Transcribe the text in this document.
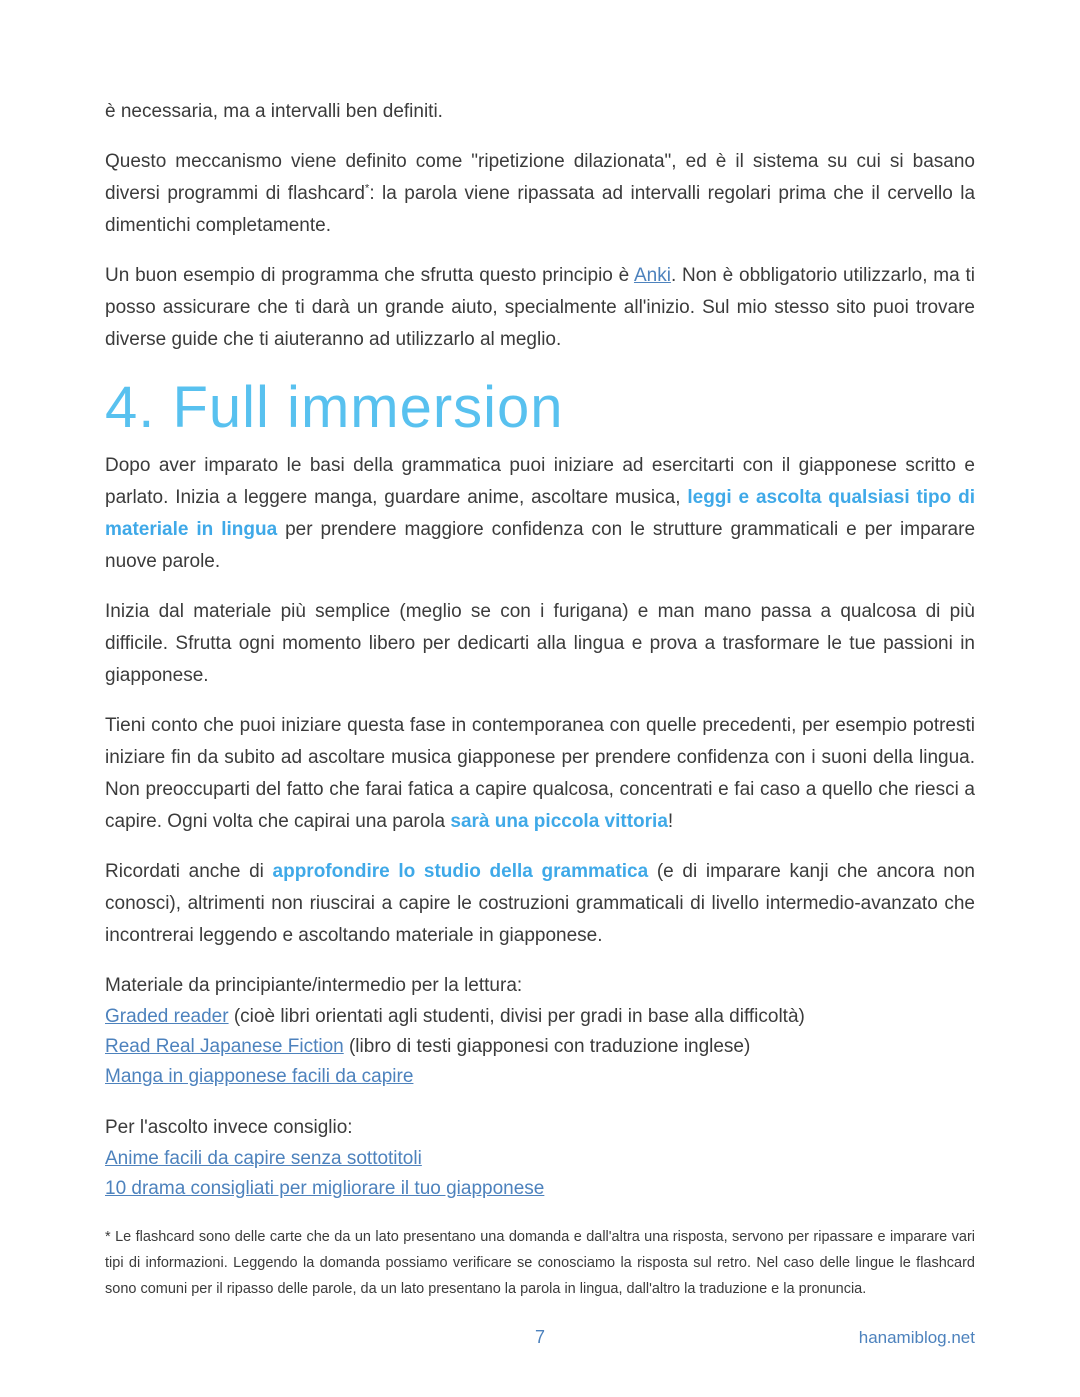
è necessaria, ma a intervalli ben definiti.

Questo meccanismo viene definito come "ripetizione dilazionata", ed è il sistema su cui si basano diversi programmi di flashcard*: la parola viene ripassata ad intervalli regolari prima che il cervello la dimentichi completamente.

Un buon esempio di programma che sfrutta questo principio è Anki. Non è obbligatorio utilizzarlo, ma ti posso assicurare che ti darà un grande aiuto, specialmente all'inizio. Sul mio stesso sito puoi trovare diverse guide che ti aiuteranno ad utilizzarlo al meglio.

4. Full immersion

Dopo aver imparato le basi della grammatica puoi iniziare ad esercitarti con il giapponese scritto e parlato. Inizia a leggere manga, guardare anime, ascoltare musica, leggi e ascolta qualsiasi tipo di materiale in lingua per prendere maggiore confidenza con le strutture grammaticali e per imparare nuove parole.

Inizia dal materiale più semplice (meglio se con i furigana) e man mano passa a qualcosa di più difficile. Sfrutta ogni momento libero per dedicarti alla lingua e prova a trasformare le tue passioni in giapponese.

Tieni conto che puoi iniziare questa fase in contemporanea con quelle precedenti, per esempio potresti iniziare fin da subito ad ascoltare musica giapponese per prendere confidenza con i suoni della lingua. Non preoccuparti del fatto che farai fatica a capire qualcosa, concentrati e fai caso a quello che riesci a capire. Ogni volta che capirai una parola sarà una piccola vittoria!

Ricordati anche di approfondire lo studio della grammatica (e di imparare kanji che ancora non conosci), altrimenti non riuscirai a capire le costruzioni grammaticali di livello intermedio-avanzato che incontrerai leggendo e ascoltando materiale in giapponese.

Materiale da principiante/intermedio per la lettura:

Graded reader (cioè libri orientati agli studenti, divisi per gradi in base alla difficoltà)

Read Real Japanese Fiction (libro di testi giapponesi con traduzione inglese)

Manga in giapponese facili da capire

Per l'ascolto invece consiglio:

Anime facili da capire senza sottotitoli

10 drama consigliati per migliorare il tuo giapponese

* Le flashcard sono delle carte che da un lato presentano una domanda e dall'altra una risposta, servono per ripassare e imparare vari tipi di informazioni. Leggendo la domanda possiamo verificare se conosciamo la risposta sul retro. Nel caso delle lingue le flashcard sono comuni per il ripasso delle parole, da un lato presentano la parola in lingua, dall'altro la traduzione e la pronuncia.

7	hanamiblog.net
